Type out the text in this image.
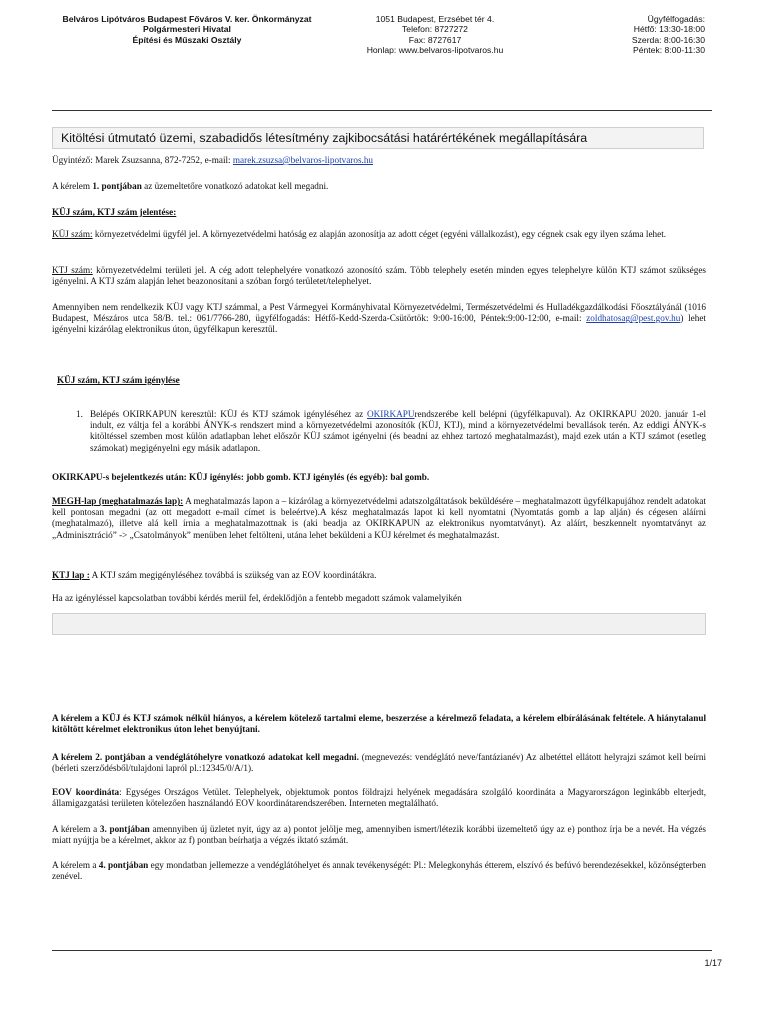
Belváros Lipótváros Budapest Főváros V. ker. Önkormányzat
Polgármesteri Hivatal
Építési és Műszaki Osztály
1051 Budapest, Erzsébet tér 4.
Telefon: 8727272
Fax: 8727617
Honlap: www.belvaros-lipotvaros.hu
Ügyfélfogadás:
Hétfő: 13:30-18:00
Szerda: 8:00-16:30
Péntek: 8:00-11:30
Kitöltési útmutató üzemi, szabadidős létesítmény zajkibocsátási határértékének megállapítására
Ügyintéző: Marek Zsuzsanna, 872-7252, e-mail: marek.zsuzsa@belvaros-lipotvaros.hu
A kérelem 1. pontjában az üzemeltetőre vonatkozó adatokat kell megadni.
KÜJ szám, KTJ szám jelentése:
KÜJ szám: környezetvédelmi ügyfél jel. A környezetvédelmi hatóság ez alapján azonosítja az adott céget (egyéni vállalkozást), egy cégnek csak egy ilyen száma lehet.
KTJ szám: környezetvédelmi területi jel. A cég adott telephelyére vonatkozó azonosító szám. Több telephely esetén minden egyes telephelyre külön KTJ számot szükséges igényelni. A KTJ szám alapján lehet beazonosítani a szóban forgó területet/telephelyet.
Amennyiben nem rendelkezik KÜJ vagy KTJ számmal, a Pest Vármegyei Kormányhivatal Környezetvédelmi, Természetvédelmi és Hulladékgazdálkodási Főosztályánál (1016 Budapest, Mészáros utca 58/B. tel.: 061/7766-280, ügyfélfogadás: Hétfő-Kedd-Szerda-Csütörtök: 9:00-16:00, Péntek:9:00-12:00, e-mail: zoldhatosag@pest.gov.hu) lehet igényelni kizárólag elektronikus úton, ügyfélkapun keresztül.
KÜJ szám, KTJ szám igénylése
1. Belépés OKIRKAPUN keresztül: KÜJ és KTJ számok igényléséhez az OKIRKAPUrendszerébe kell belépni (ügyfélkapuval). Az OKIRKAPU 2020. január 1-el indult, ez váltja fel a korábbi ÁNYK-s rendszert mind a környezetvédelmi azonosítók (KÜJ, KTJ), mind a környezetvédelmi bevallások terén. Az eddigi ÁNYK-s kitöltéssel szemben most külön adatlapban lehet először KÜJ számot igényelni (és beadni az ehhez tartozó meghatalmazást), majd ezek után a KTJ számot (esetleg számokat) megigényelni egy másik adatlapon.
OKIRKAPU-s bejelentkezés után: KÜJ igénylés: jobb gomb. KTJ igénylés (és egyéb): bal gomb.
MEGH-lap (meghatalmazás lap): A meghatalmazás lapon a – kizárólag a környezetvédelmi adatszolgáltatások beküldésére – meghatalmazott ügyfélkapujához rendelt adatokat kell pontosan megadni (az ott megadott e-mail címet is beleértve).A kész meghatalmazás lapot ki kell nyomtatni (Nyomtatás gomb a lap alján) és cégesen aláírni (meghatalmazó), illetve alá kell írnia a meghatalmazottnak is (aki beadja az OKIRKAPUN az elektronikus nyomtatványt). Az aláírt, beszkennelt nyomtatványt az „Adminisztráció” -> „Csatolmányok” menüben lehet feltölteni, utána lehet beküldeni a KÜJ kérelmet és meghatalmazást.
KTJ lap : A KTJ szám megigényléséhez továbbá is szükség van az EOV koordinátákra.
Ha az igényléssel kapcsolatban további kérdés merül fel, érdeklődjön a fentebb megadott számok valamelyikén
A kérelem a KÜJ és KTJ számok nélkül hiányos, a kérelem kötelező tartalmi eleme, beszerzése a kérelmező feladata, a kérelem elbírálásának feltétele. A hiánytalanul kitöltött kérelmet elektronikus úton lehet benyújtani.
A kérelem 2. pontjában a vendéglátóhelyre vonatkozó adatokat kell megadni. (megnevezés: vendéglátó neve/fantázianév) Az albetéttel ellátott helyrajzi számot kell beírni (bérleti szerződésből/tulajdoni lapról pl.:12345/0/A/1).
EOV koordináta: Egységes Országos Vetület. Telephelyek, objektumok pontos földrajzi helyének megadására szolgáló koordináta a Magyarországon leginkább elterjedt, államigazgatási területen kötelezően használandó EOV koordinátarendszerében. Interneten megtalálható.
A kérelem a 3. pontjában amennyiben új üzletet nyit, úgy az a) pontot jelölje meg, amennyiben ismert/létezik korábbi üzemeltető úgy az e) ponthoz írja be a nevét. Ha végzés miatt nyújtja be a kérelmet, akkor az f) pontban beírhatja a végzés iktató számát.
A kérelem a 4. pontjában egy mondatban jellemezze a vendéglátóhelyet és annak tevékenységét: Pl.: Melegkonyhás étterem, elszívó és befúvó berendezésekkel, közönségterben zenével.
1/17
